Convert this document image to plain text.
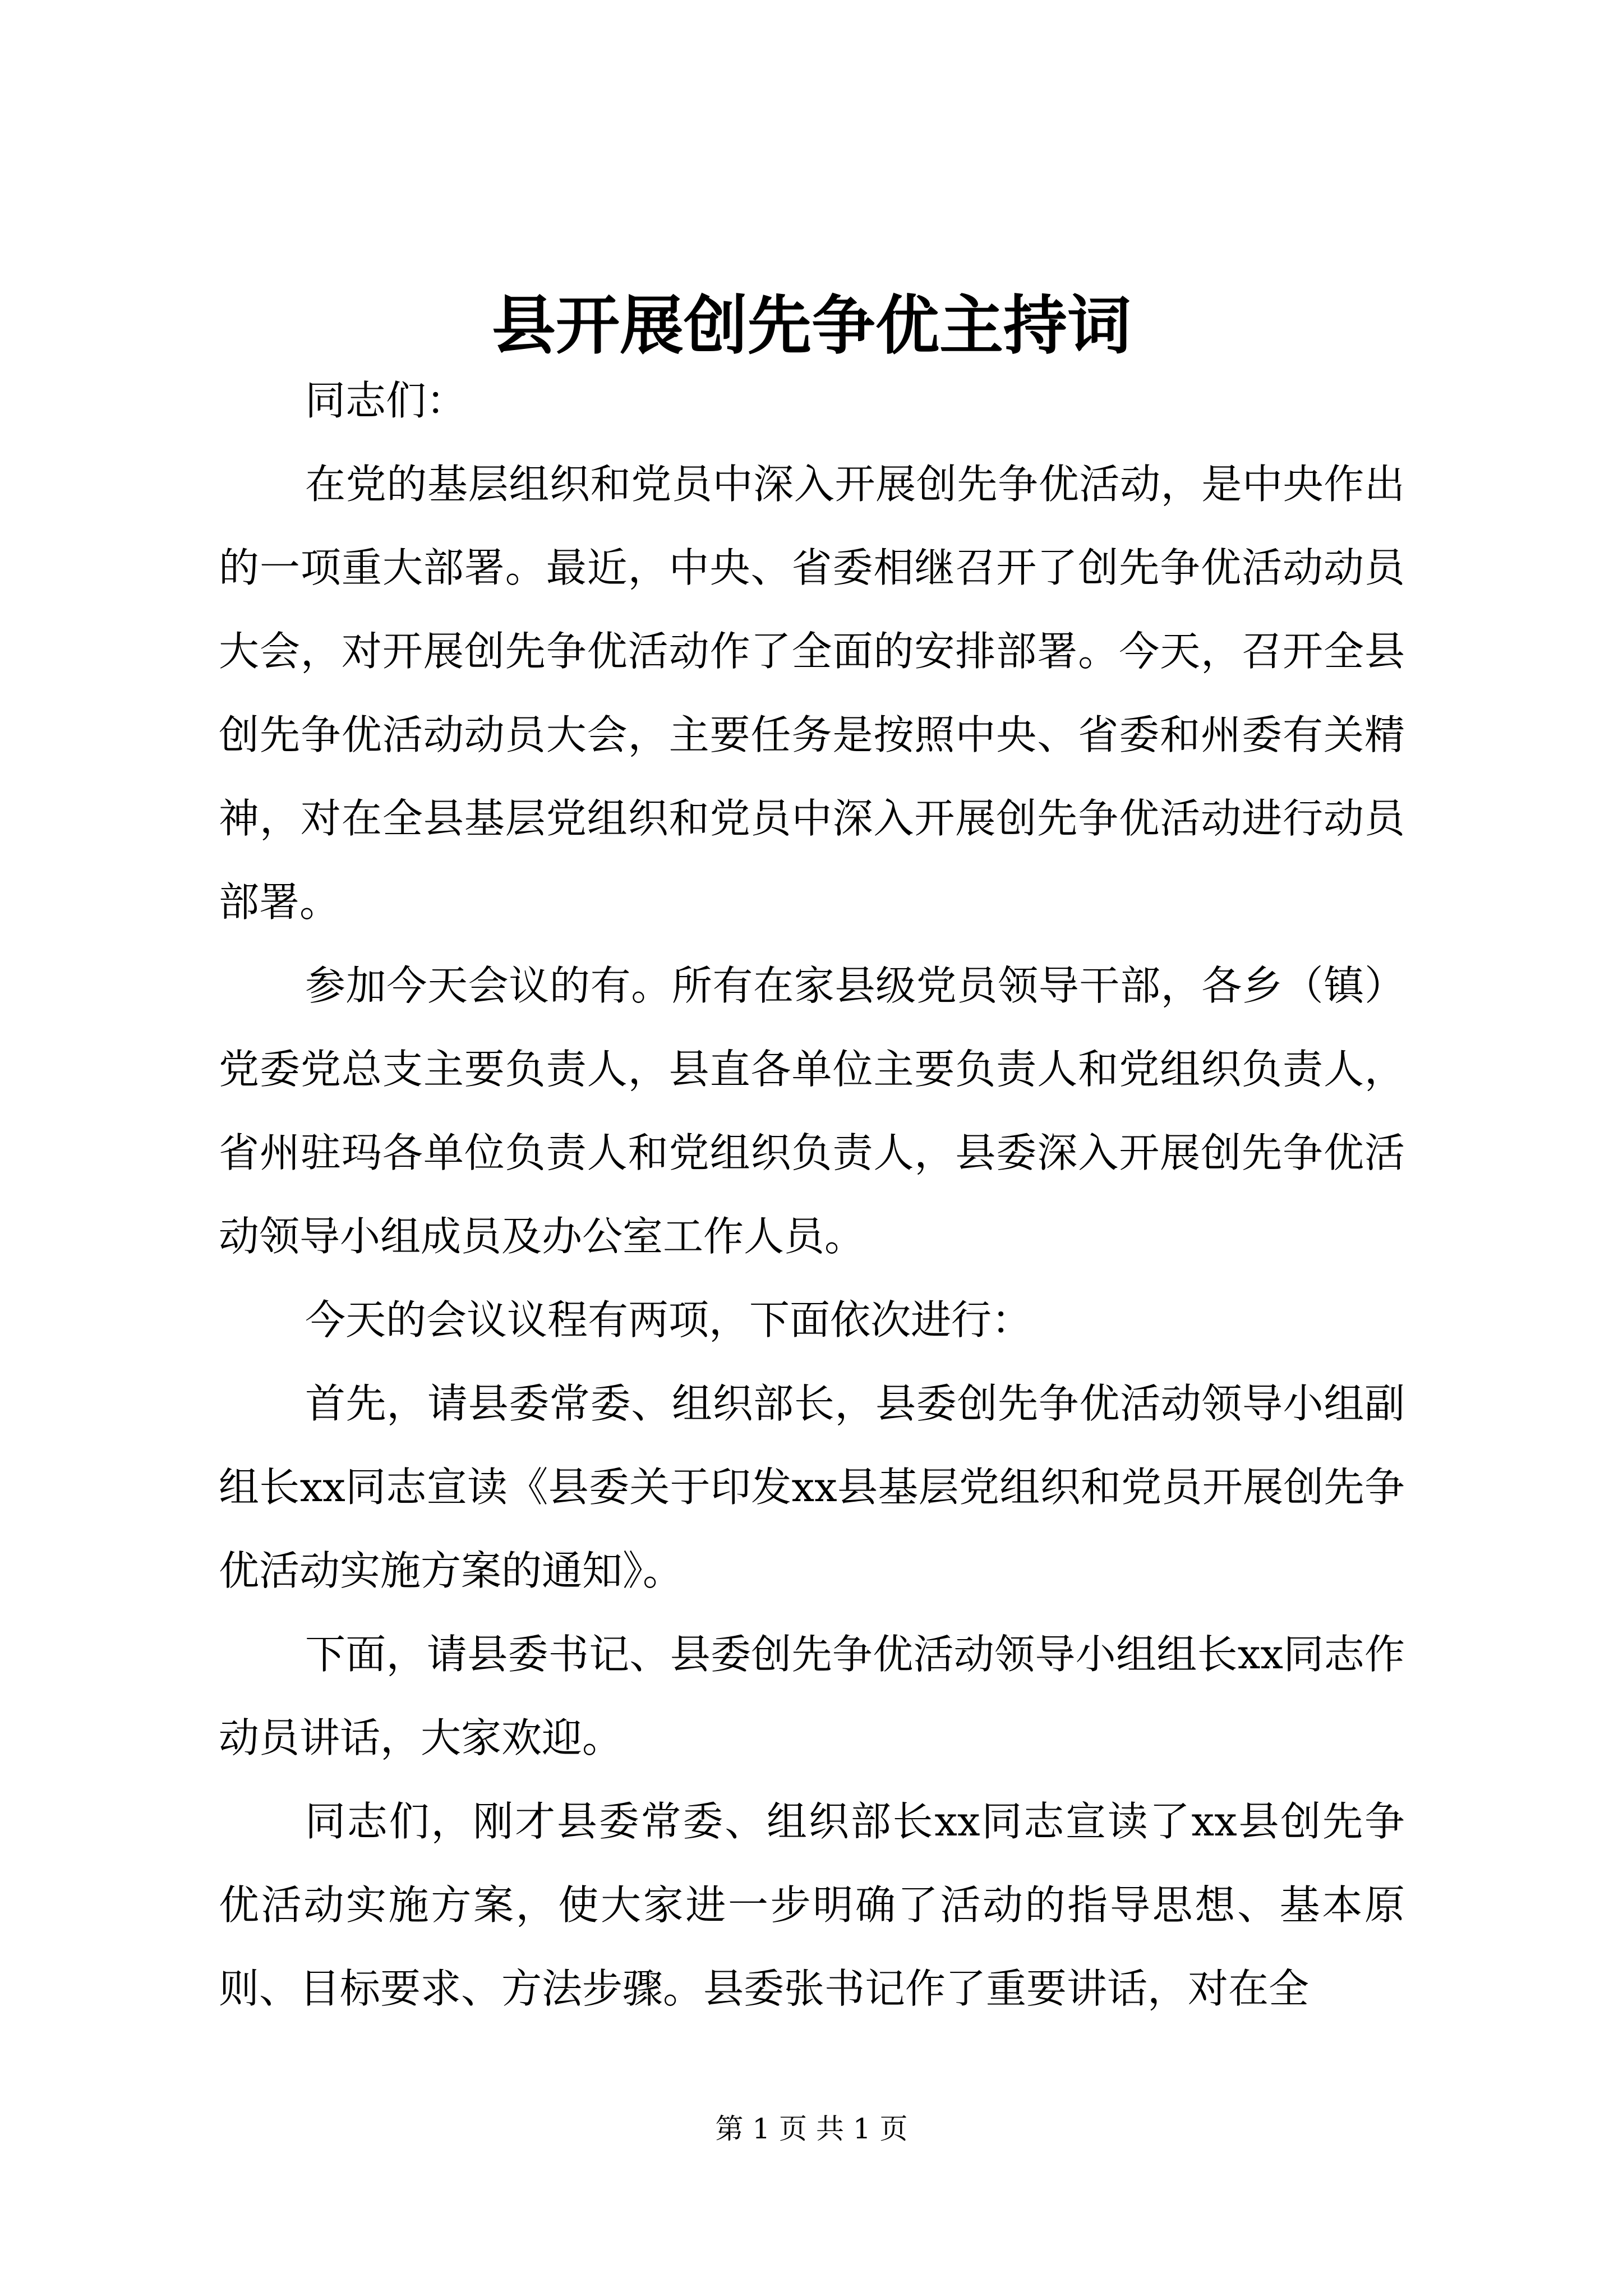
县开展创先争优主持词

同志们：

在党的基层组织和党员中深入开展创先争优活动，是中央作出的一项重大部署。最近，中央、省委相继召开了创先争优活动动员大会，对开展创先争优活动作了全面的安排部署。今天，召开全县创先争优活动动员大会，主要任务是按照中央、省委和州委有关精神，对在全县基层党组织和党员中深入开展创先争优活动进行动员部署。

参加今天会议的有。所有在家县级党员领导干部，各乡（镇）党委党总支主要负责人，县直各单位主要负责人和党组织负责人，省州驻玛各单位负责人和党组织负责人，县委深入开展创先争优活动领导小组成员及办公室工作人员。

今天的会议议程有两项，下面依次进行：

首先，请县委常委、组织部长，县委创先争优活动领导小组副组长xx同志宣读《县委关于印发xx县基层党组织和党员开展创先争优活动实施方案的通知》。

下面，请县委书记、县委创先争优活动领导小组组长xx同志作动员讲话，大家欢迎。

同志们，刚才县委常委、组织部长xx同志宣读了xx县创先争优活动实施方案，使大家进一步明确了活动的指导思想、基本原则、目标要求、方法步骤。县委张书记作了重要讲话，对在全

第 1 页 共 1 页
